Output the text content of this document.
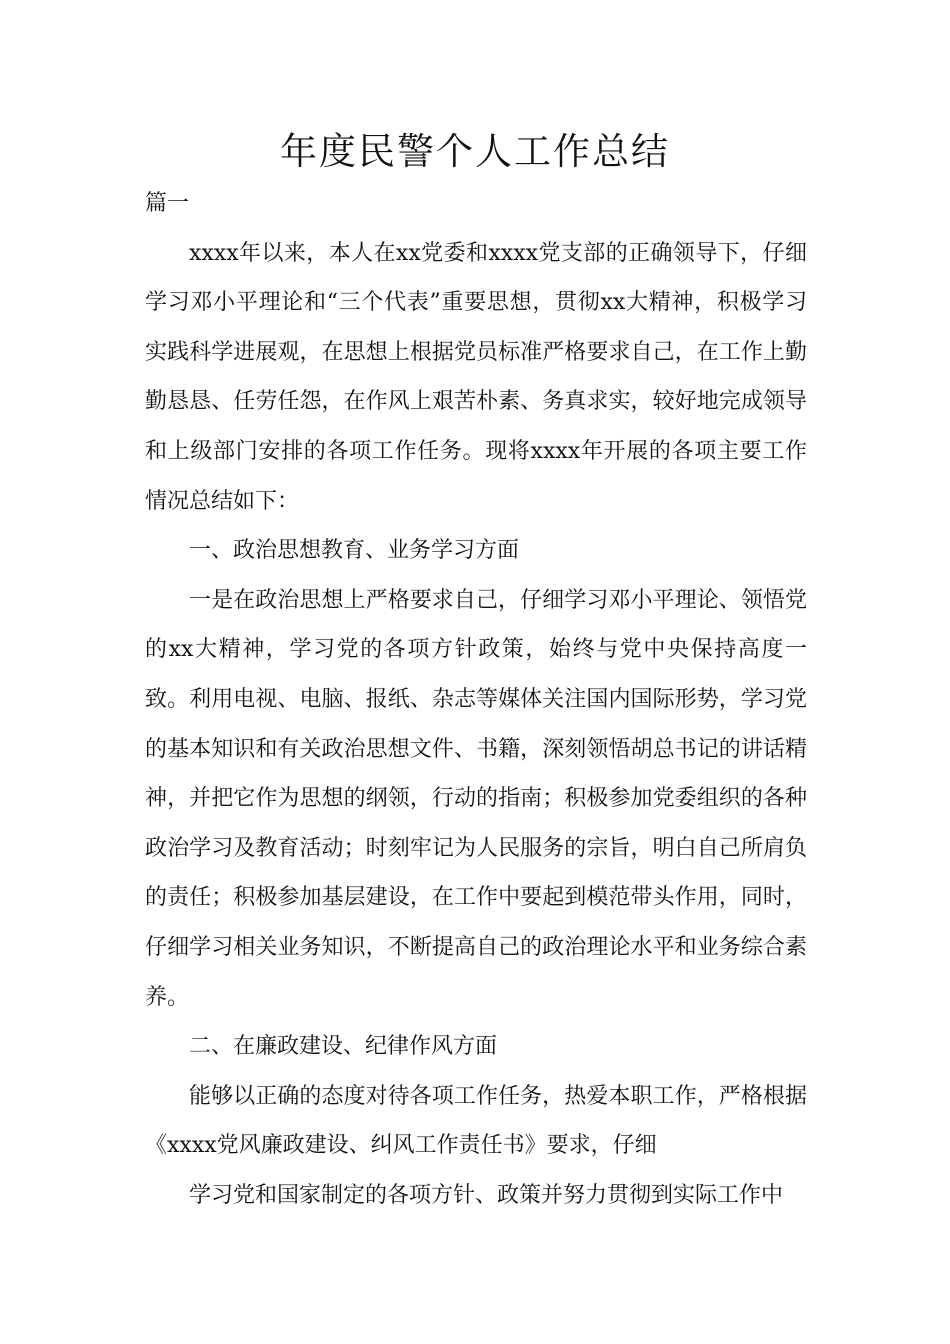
年度民警个人工作总结

篇一

xxxx年以来，本人在xx党委和xxxx党支部的正确领导下，仔细学习邓小平理论和“三个代表”重要思想，贯彻xx大精神，积极学习实践科学进展观，在思想上根据党员标准严格要求自己，在工作上勤勤恳恳、任劳任怨，在作风上艰苦朴素、务真求实，较好地完成领导和上级部门安排的各项工作任务。现将xxxx年开展的各项主要工作情况总结如下：

一、政治思想教育、业务学习方面

一是在政治思想上严格要求自己，仔细学习邓小平理论、领悟党的xx大精神，学习党的各项方针政策，始终与党中央保持高度一致。利用电视、电脑、报纸、杂志等媒体关注国内国际形势，学习党的基本知识和有关政治思想文件、书籍，深刻领悟胡总书记的讲话精神，并把它作为思想的纲领，行动的指南；积极参加党委组织的各种政治学习及教育活动；时刻牢记为人民服务的宗旨，明白自己所肩负的责任；积极参加基层建设，在工作中要起到模范带头作用，同时，仔细学习相关业务知识，不断提高自己的政治理论水平和业务综合素养。

二、在廉政建设、纪律作风方面

能够以正确的态度对待各项工作任务，热爱本职工作，严格根据《xxxx党风廉政建设、纠风工作责任书》要求，仔细

学习党和国家制定的各项方针、政策并努力贯彻到实际工作中
